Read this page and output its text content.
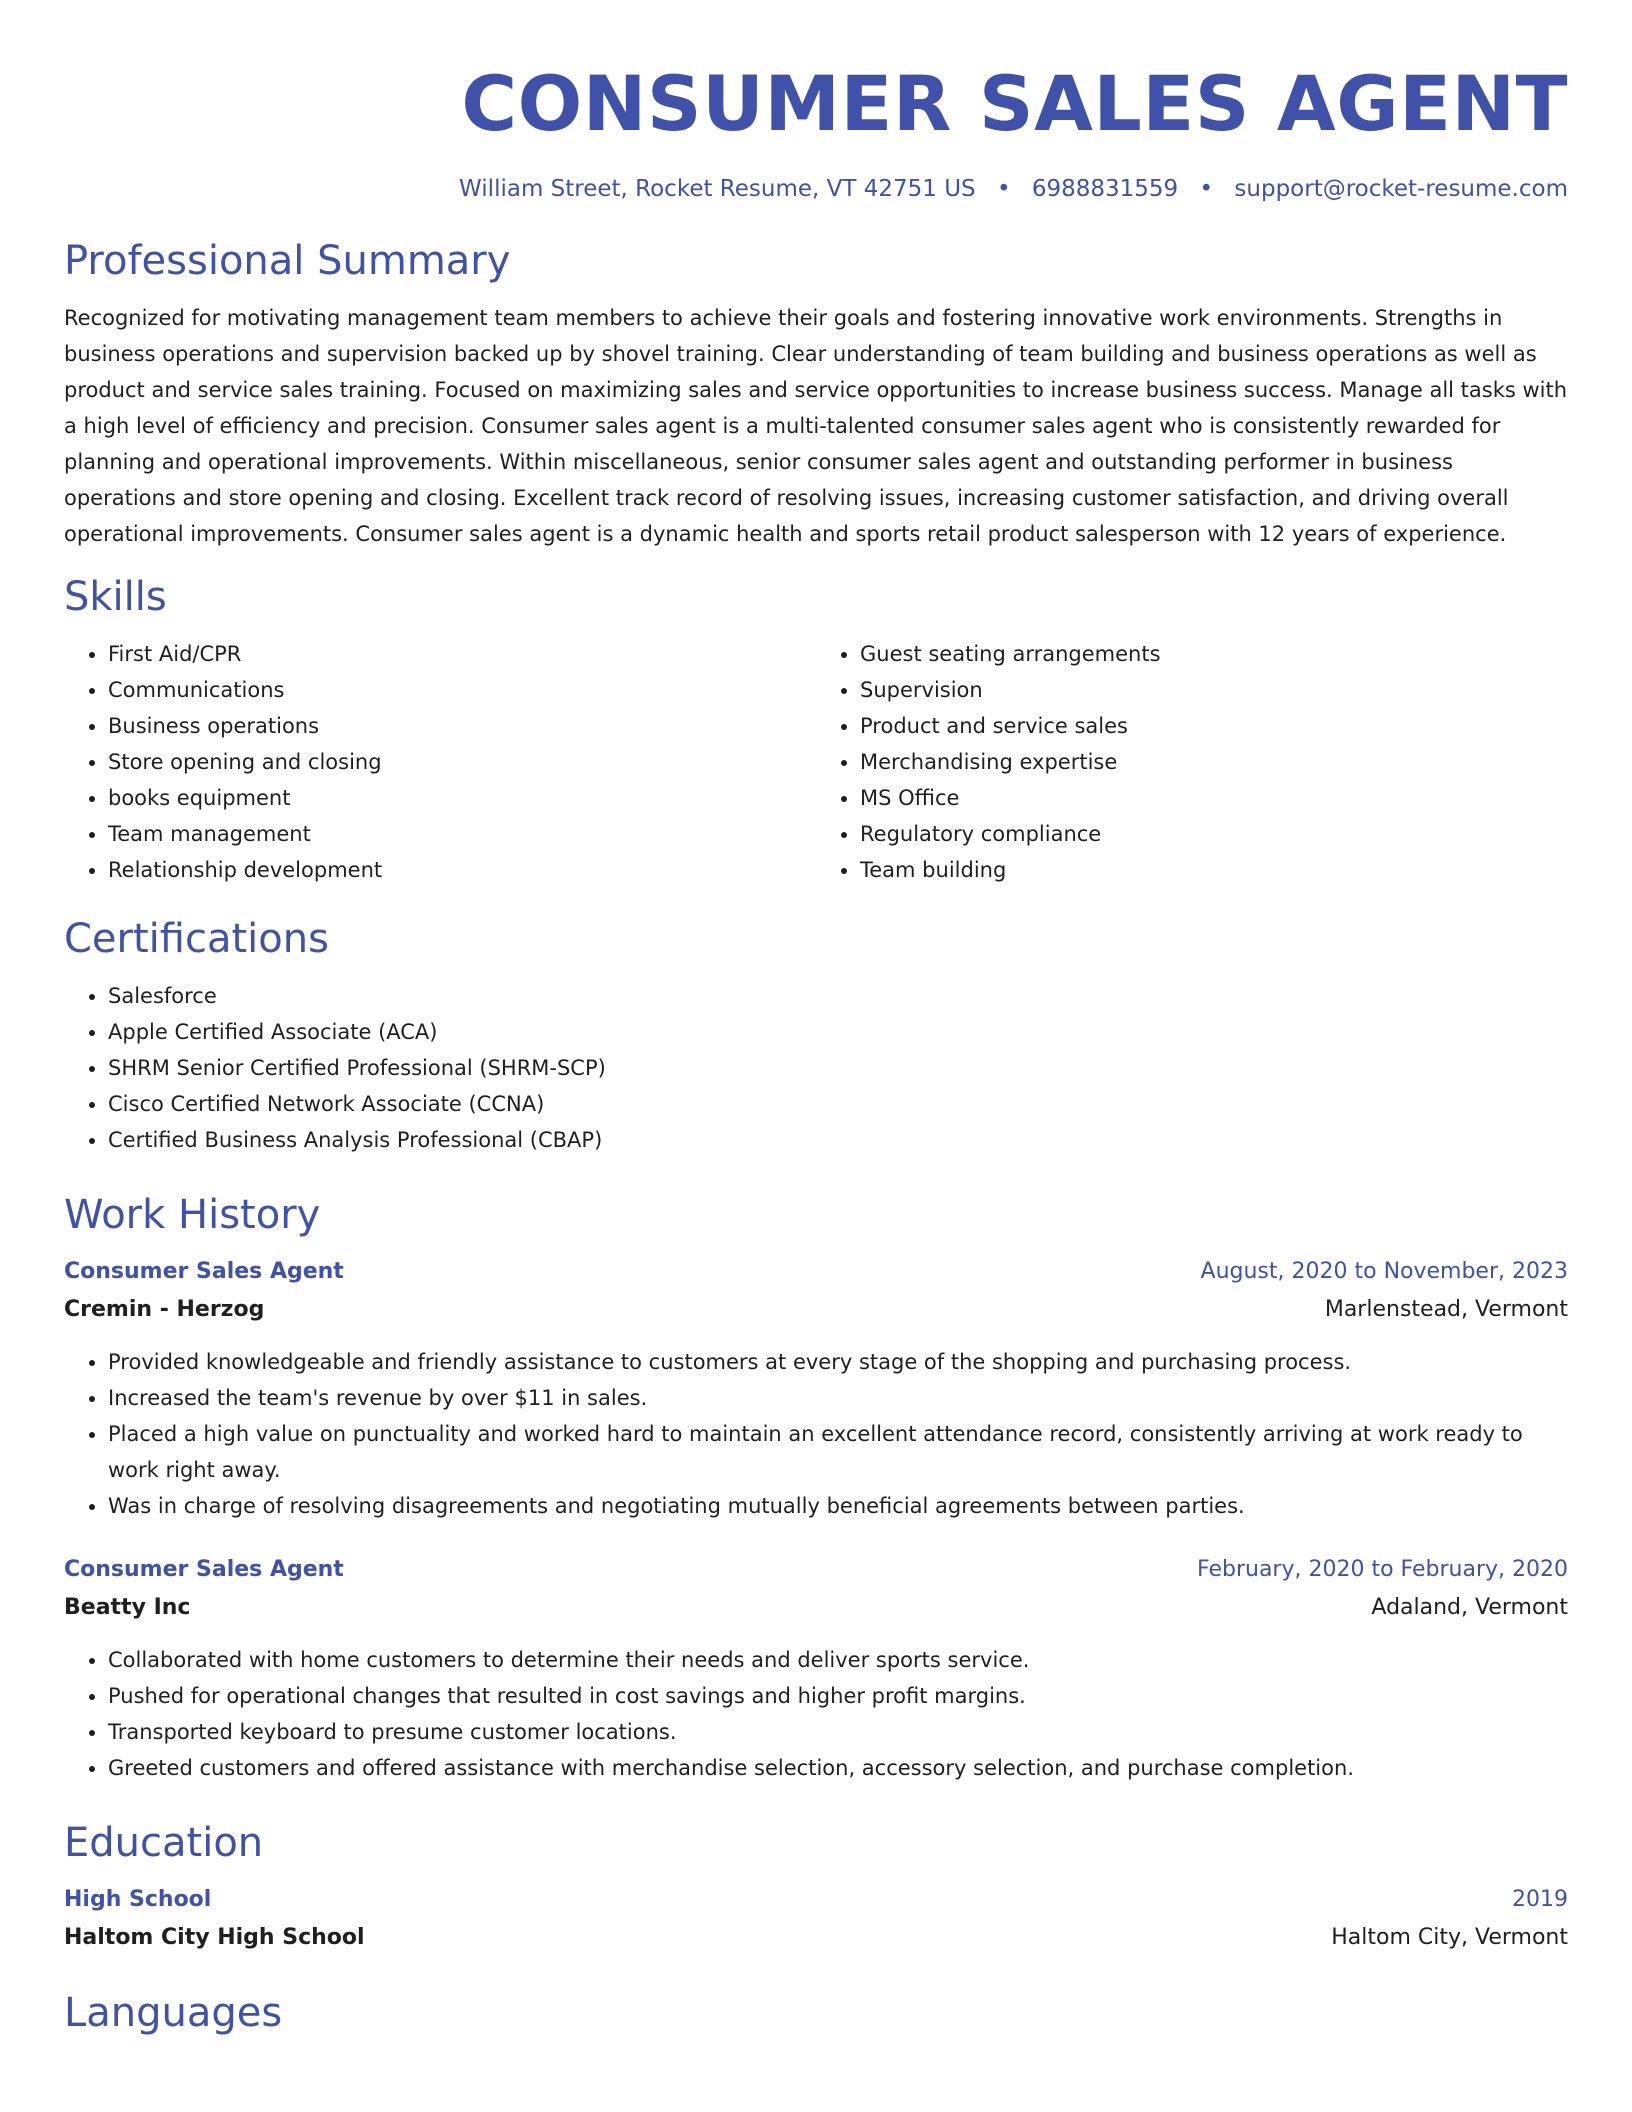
CONSUMER SALES AGENT
William Street, Rocket Resume, VT 42751 US • 6988831559 • support@rocket-resume.com
Professional Summary

Recognized for motivating management team members to achieve their goals and fostering innovative work environments. Strengths in business operations and supervision backed up by shovel training. Clear understanding of team building and business operations as well as product and service sales training. Focused on maximizing sales and service opportunities to increase business success. Manage all tasks with a high level of efficiency and precision. Consumer sales agent is a multi-talented consumer sales agent who is consistently rewarded for planning and operational improvements. Within miscellaneous, senior consumer sales agent and outstanding performer in business operations and store opening and closing. Excellent track record of resolving issues, increasing customer satisfaction, and driving overall operational improvements. Consumer sales agent is a dynamic health and sports retail product salesperson with 12 years of experience.

Skills
• First Aid/CPR
• Communications
• Business operations
• Store opening and closing
• books equipment
• Team management
• Relationship development
• Guest seating arrangements
• Supervision
• Product and service sales
• Merchandising expertise
• MS Office
• Regulatory compliance
• Team building
Certifications
• Salesforce
• Apple Certified Associate (ACA)
• SHRM Senior Certified Professional (SHRM-SCP)
• Cisco Certified Network Associate (CCNA)
• Certified Business Analysis Professional (CBAP)
Work History
Consumer Sales Agent	August, 2020 to November, 2023
Cremin - Herzog	Marlenstead, Vermont
• Provided knowledgeable and friendly assistance to customers at every stage of the shopping and purchasing process.
• Increased the team's revenue by over $11 in sales.
• Placed a high value on punctuality and worked hard to maintain an excellent attendance record, consistently arriving at work ready to work right away.
• Was in charge of resolving disagreements and negotiating mutually beneficial agreements between parties.
Consumer Sales Agent	February, 2020 to February, 2020
Beatty Inc	Adaland, Vermont
• Collaborated with home customers to determine their needs and deliver sports service.
• Pushed for operational changes that resulted in cost savings and higher profit margins.
• Transported keyboard to presume customer locations.
• Greeted customers and offered assistance with merchandise selection, accessory selection, and purchase completion.
Education
High School	2019
Haltom City High School	Haltom City, Vermont
Languages
